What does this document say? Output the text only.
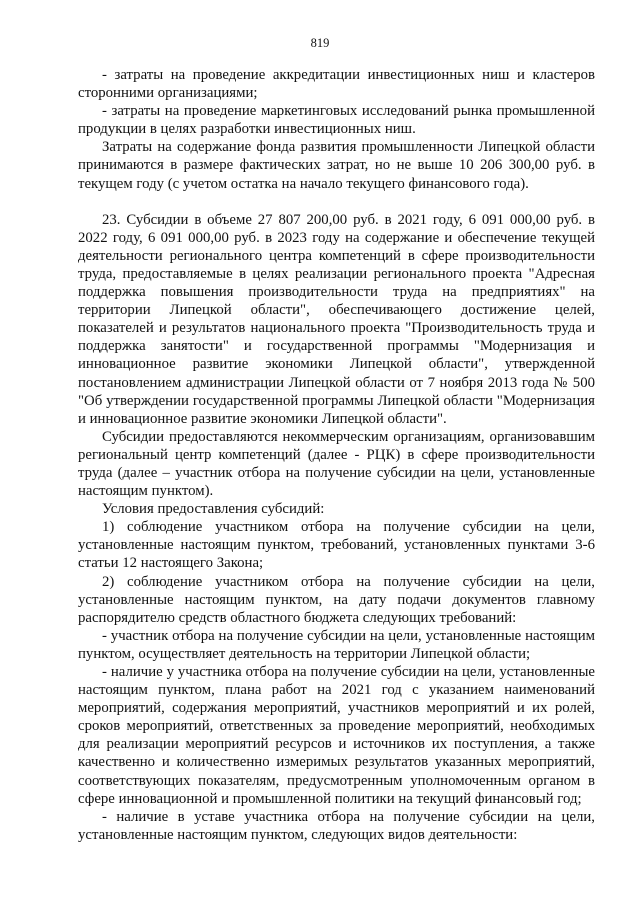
819

- затраты на проведение аккредитации инвестиционных ниш и кластеров сторонними организациями;

- затраты на проведение маркетинговых исследований рынка промышленной продукции в целях разработки инвестиционных ниш.

Затраты на содержание фонда развития промышленности Липецкой области принимаются в размере фактических затрат, но не выше 10 206 300,00 руб. в текущем году (с учетом остатка на начало текущего финансового года).

23. Субсидии в объеме 27 807 200,00 руб. в 2021 году, 6 091 000,00 руб. в 2022 году, 6 091 000,00 руб. в 2023 году на содержание и обеспечение текущей деятельности регионального центра компетенций в сфере производительности труда, предоставляемые в целях реализации регионального проекта "Адресная поддержка повышения производительности труда на предприятиях" на территории Липецкой области", обеспечивающего достижение целей, показателей и результатов национального проекта "Производительность труда и поддержка занятости" и государственной программы "Модернизация и инновационное развитие экономики Липецкой области", утвержденной постановлением администрации Липецкой области от 7 ноября 2013 года № 500 "Об утверждении государственной программы Липецкой области "Модернизация и инновационное развитие экономики Липецкой области".

Субсидии предоставляются некоммерческим организациям, организовавшим региональный центр компетенций (далее - РЦК) в сфере производительности труда (далее – участник отбора на получение субсидии на цели, установленные настоящим пунктом).

Условия предоставления субсидий:

1) соблюдение участником отбора на получение субсидии на цели, установленные настоящим пунктом, требований, установленных пунктами 3-6 статьи 12 настоящего Закона;

2) соблюдение участником отбора на получение субсидии на цели, установленные настоящим пунктом, на дату подачи документов главному распорядителю средств областного бюджета следующих требований:

- участник отбора на получение субсидии на цели, установленные настоящим пунктом, осуществляет деятельность на территории Липецкой области;

- наличие у участника отбора на получение субсидии на цели, установленные настоящим пунктом, плана работ на 2021 год с указанием наименований мероприятий, содержания мероприятий, участников мероприятий и их ролей, сроков мероприятий, ответственных за проведение мероприятий, необходимых для реализации мероприятий ресурсов и источников их поступления, а также качественно и количественно измеримых результатов указанных мероприятий, соответствующих показателям, предусмотренным уполномоченным органом в сфере инновационной и промышленной политики на текущий финансовый год;

- наличие в уставе участника отбора на получение субсидии на цели, установленные настоящим пунктом, следующих видов деятельности:
